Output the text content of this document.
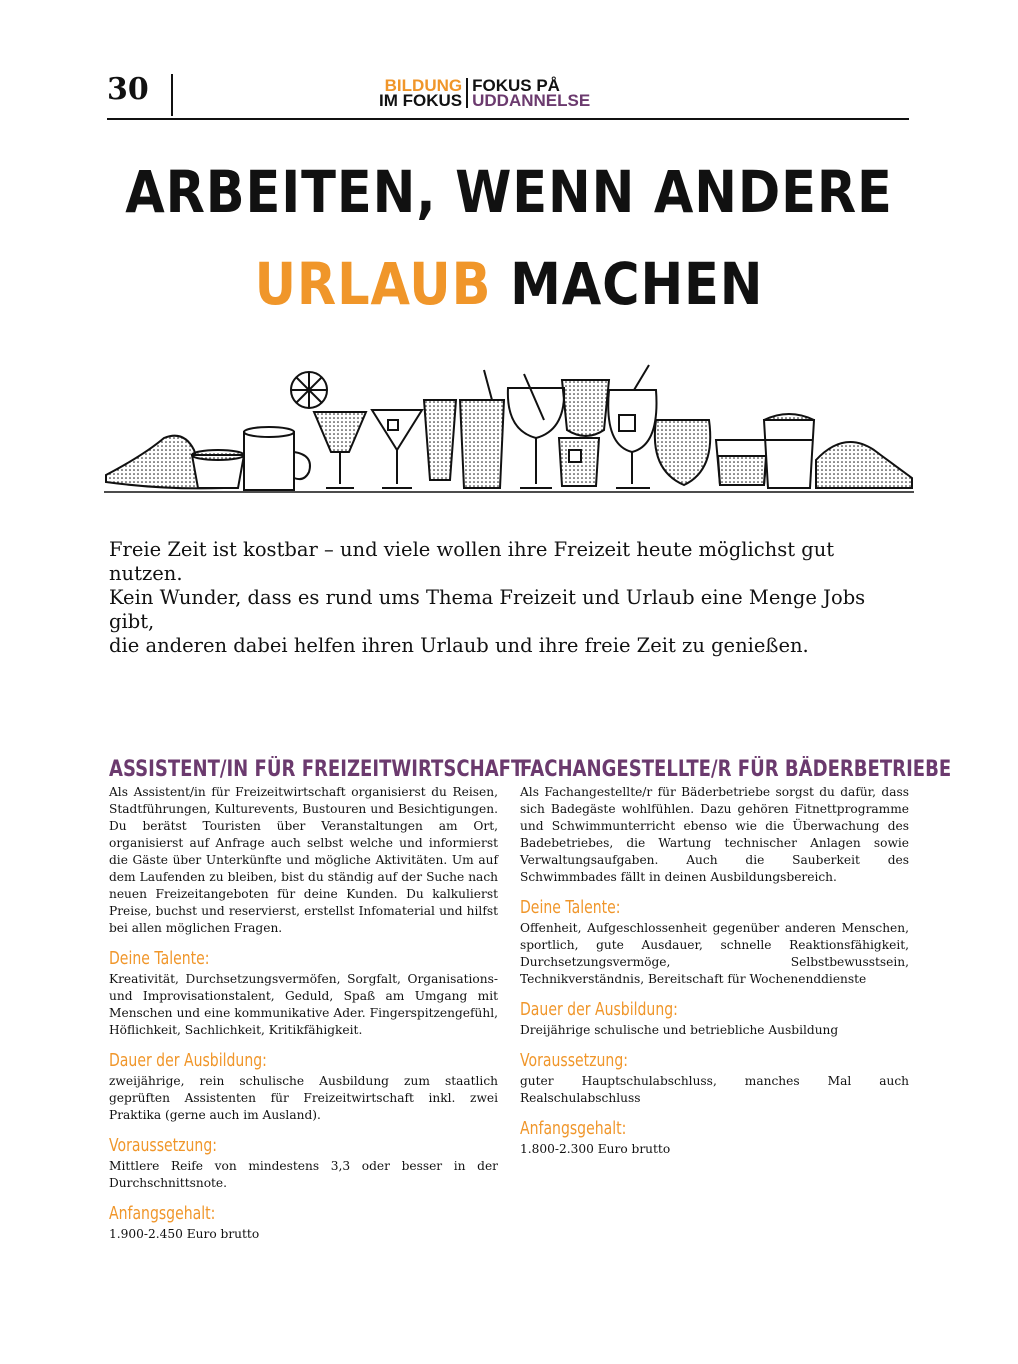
30	BILDUNG
IM FOKUSFOKUS PÅ
UDDANNELSE
ARBEITEN, WENN ANDERE
URLAUB MACHEN

Freie Zeit ist kostbar – und viele wollen ihre Freizeit heute möglichst gut nutzen.

Kein Wunder, dass es rund ums Thema Freizeit und Urlaub eine Menge Jobs gibt,

die anderen dabei helfen ihren Urlaub und ihre freie Zeit zu genießen.

ASSISTENT/IN FÜR FREIZEITWIRTSCHAFT

Als Assistent/in für Freizeitwirtschaft organisierst du Reisen, Stadtführungen, Kulturevents, Bustouren und Besichtigungen. Du berätst Touristen über Veranstaltungen am Ort, organisierst auf Anfrage auch selbst welche und informierst die Gäste über Unterkünfte und mögliche Aktivitäten. Um auf dem Laufenden zu bleiben, bist du ständig auf der Suche nach neuen Freizeitangeboten für deine Kunden. Du kalkulierst Preise, buchst und reservierst, erstellst Infomaterial und hilfst bei allen möglichen Fragen.

Deine Talente:

Kreativität, Durchsetzungsvermöfen, Sorgfalt, Organisations- und Improvisationstalent, Geduld, Spaß am Umgang mit Menschen und eine kommunikative Ader. Fingerspitzengefühl, Höflichkeit, Sachlichkeit, Kritikfähigkeit.

Dauer der Ausbildung:

zweijährige, rein schulische Ausbildung zum staatlich geprüften Assistenten für Freizeitwirtschaft inkl. zwei Praktika (gerne auch im Ausland).

Voraussetzung:

Mittlere Reife von mindestens 3,3 oder besser in der Durchschnittsnote.

Anfangsgehalt:

1.900-2.450 Euro brutto

FACHANGESTELLTE/R FÜR BÄDERBETRIEBE

Als Fachangestellte/r für Bäderbetriebe sorgst du dafür, dass sich Badegäste wohlfühlen. Dazu gehören Fitnettprogramme und Schwimmunterricht ebenso wie die Überwachung des Badebetriebes, die Wartung technischer Anlagen sowie Verwaltungsaufgaben. Auch die Sauberkeit des Schwimmbades fällt in deinen Ausbildungsbereich.

Deine Talente:

Offenheit, Aufgeschlossenheit gegenüber anderen Menschen, sportlich, gute Ausdauer, schnelle Reaktionsfähigkeit, Durchsetzungsvermöge, Selbstbewusstsein, Technikverständnis, Bereitschaft für Wochenenddienste

Dauer der Ausbildung:

Dreijährige schulische und betriebliche Ausbildung

Voraussetzung:

guter Hauptschulabschluss, manches Mal auch Realschulabschluss

Anfangsgehalt:

1.800-2.300 Euro brutto
